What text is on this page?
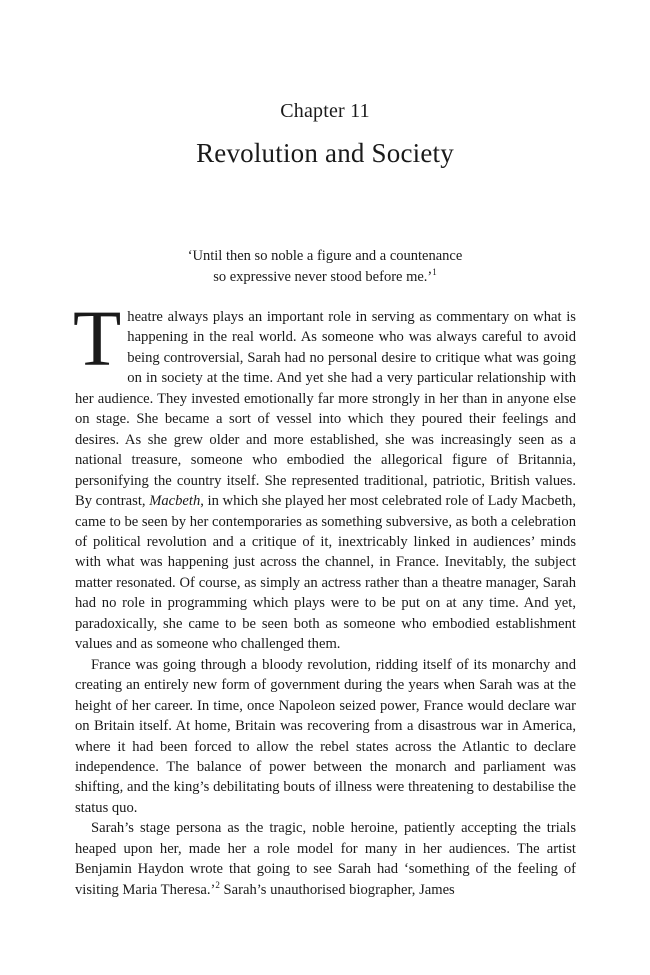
Chapter 11
Revolution and Society
‘Until then so noble a figure and a countenance
so expressive never stood before me.’$^1$

Theatre always plays an important role in serving as commentary on what is happening in the real world. As someone who was always careful to avoid being controversial, Sarah had no personal desire to critique what was going on in society at the time. And yet she had a very particular relationship with her audience. They invested emotionally far more strongly in her than in anyone else on stage. She became a sort of vessel into which they poured their feelings and desires. As she grew older and more established, she was increasingly seen as a national treasure, someone who embodied the allegorical figure of Britannia, personifying the country itself. She represented traditional, patriotic, British values. By contrast, Macbeth, in which she played her most celebrated role of Lady Macbeth, came to be seen by her contemporaries as something subversive, as both a celebration of political revolution and a critique of it, inextricably linked in audiences’ minds with what was happening just across the channel, in France. Inevitably, the subject matter resonated. Of course, as simply an actress rather than a theatre manager, Sarah had no role in programming which plays were to be put on at any time. And yet, paradoxically, she came to be seen both as someone who embodied establishment values and as someone who challenged them.

France was going through a bloody revolution, ridding itself of its monarchy and creating an entirely new form of government during the years when Sarah was at the height of her career. In time, once Napoleon seized power, France would declare war on Britain itself. At home, Britain was recovering from a disastrous war in America, where it had been forced to allow the rebel states across the Atlantic to declare independence. The balance of power between the monarch and parliament was shifting, and the king’s debilitating bouts of illness were threatening to destabilise the status quo.

Sarah’s stage persona as the tragic, noble heroine, patiently accepting the trials heaped upon her, made her a role model for many in her audiences. The artist Benjamin Haydon wrote that going to see Sarah had ‘something of the feeling of visiting Maria Theresa.’$^2$ Sarah’s unauthorised biographer, James
